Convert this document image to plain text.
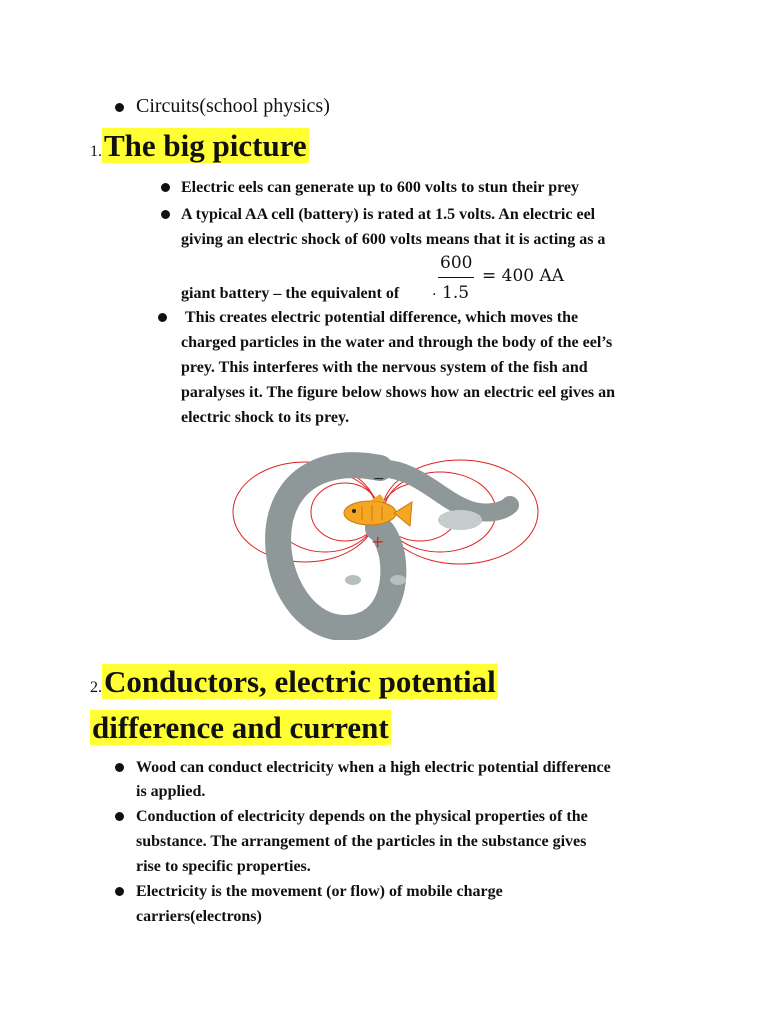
Circuits(school physics)
1.The big picture
Electric eels can generate up to 600 volts to stun their prey
A typical AA cell (battery) is rated at 1.5 volts. An electric eel
giving an electric shock of 600 volts means that it is acting as a
giant battery – the equivalent of .
600
1.5
= 400 AA
This creates electric potential difference, which moves the
charged particles in the water and through the body of the eel’s
prey. This interferes with the nervous system of the fish and
paralyses it. The figure below shows how an electric eel gives an
electric shock to its prey.
−
+
2.Conductors, electric potential
difference and current
Wood can conduct electricity when a high electric potential difference
is applied.
Conduction of electricity depends on the physical properties of the
substance. The arrangement of the particles in the substance gives
rise to specific properties.
Electricity is the movement (or flow) of mobile charge
carriers(electrons)
